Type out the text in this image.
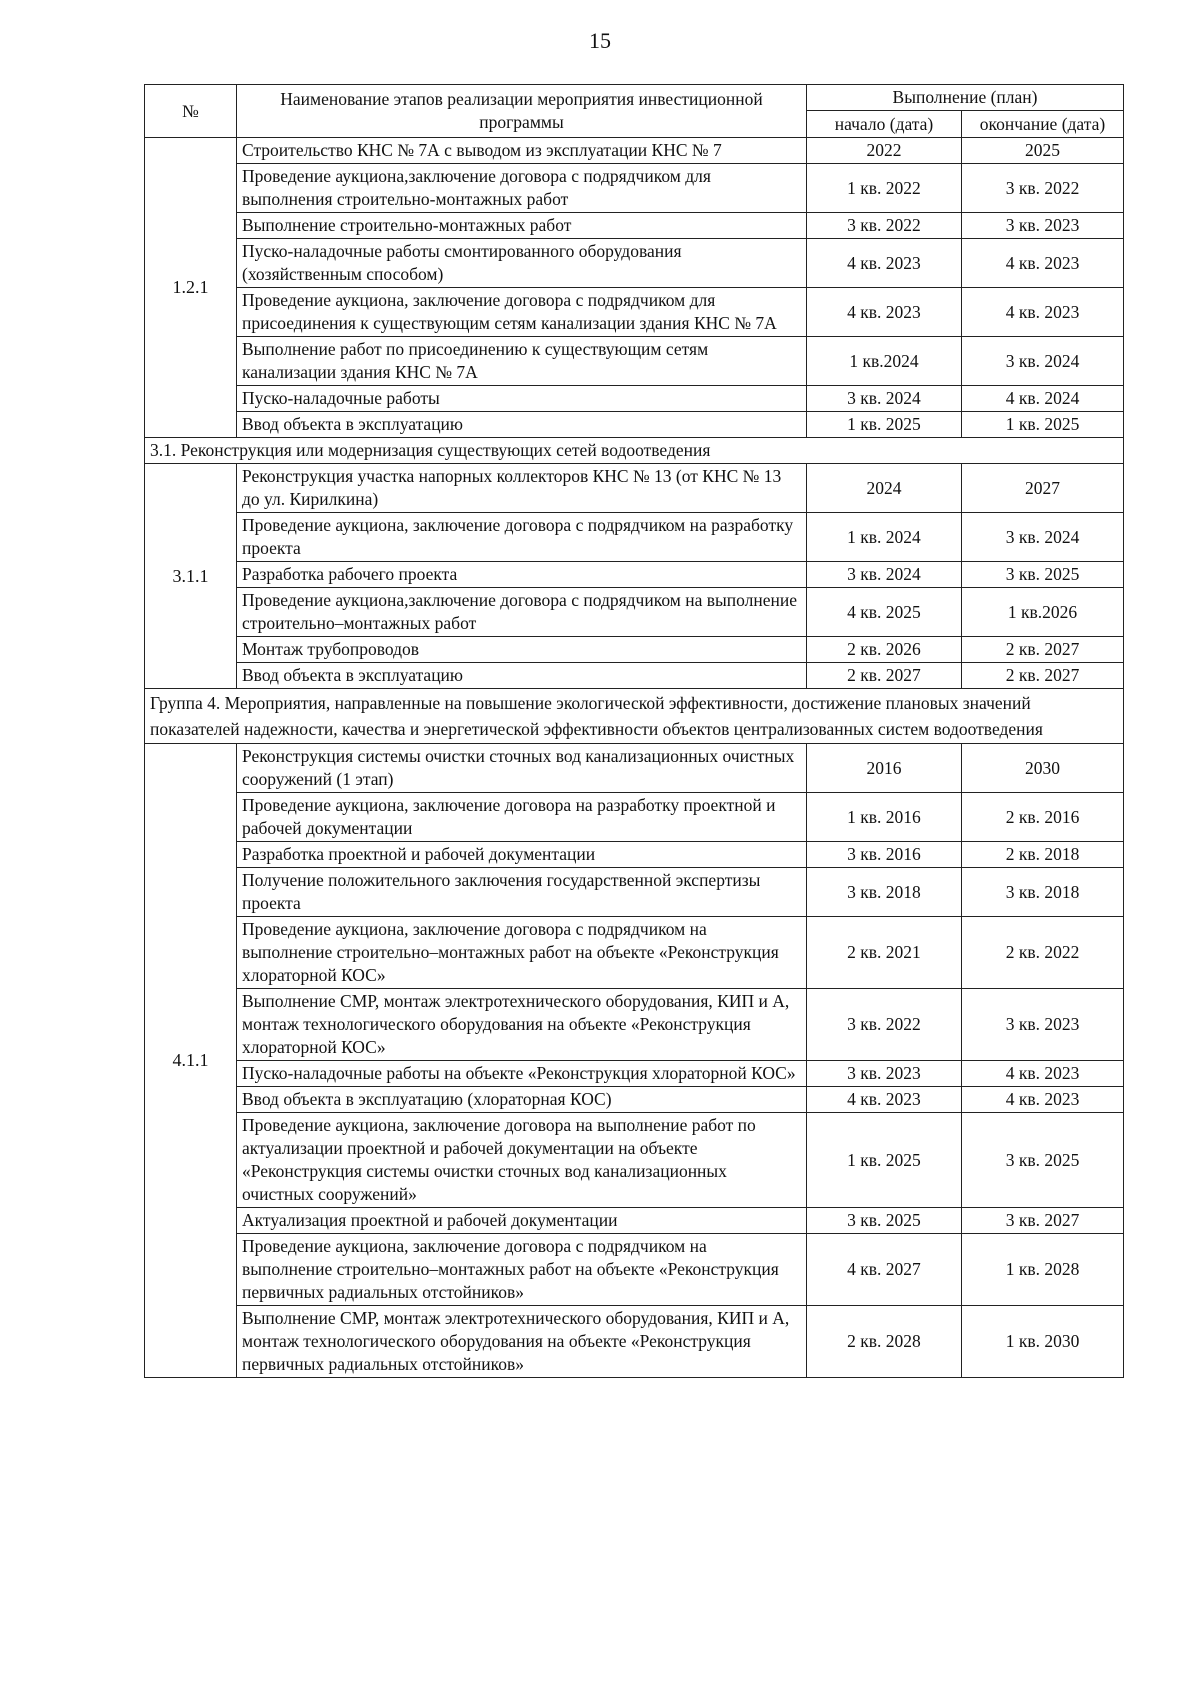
15
№	Наименование этапов реализации мероприятия инвестиционной программы	Выполнение (план)	
		начало (дата)	окончание (дата)
1.2.1	Строительство КНС № 7А с выводом из эксплуатации КНС № 7	2022	2025
	Проведение аукциона,заключение договора с подрядчиком для выполнения строительно-монтажных работ	1 кв. 2022	3 кв. 2022
	Выполнение строительно-монтажных работ	3 кв. 2022	3 кв. 2023
	Пуско-наладочные работы смонтированного оборудования (хозяйственным способом)	4 кв. 2023	4 кв. 2023
	Проведение аукциона, заключение договора с подрядчиком для присоединения к существующим сетям канализации здания КНС № 7А	4 кв. 2023	4 кв. 2023
	Выполнение работ по присоединению к существующим сетям канализации здания КНС № 7А	1 кв.2024	3 кв. 2024
	Пуско-наладочные работы	3 кв. 2024	4 кв. 2024
	Ввод объекта в эксплуатацию	1 кв. 2025	1 кв. 2025
3.1. Реконструкция или модернизация существующих сетей водоотведения			
3.1.1	Реконструкция участка напорных коллекторов КНС № 13 (от КНС № 13 до ул. Кирилкина)	2024	2027
	Проведение аукциона, заключение договора с подрядчиком на разработку проекта	1 кв. 2024	3 кв. 2024
	Разработка рабочего проекта	3 кв. 2024	3 кв. 2025
	Проведение аукциона,заключение договора с подрядчиком на выполнение строительно–монтажных работ	4 кв. 2025	1 кв.2026
	Монтаж трубопроводов	2 кв. 2026	2 кв. 2027
	Ввод объекта в эксплуатацию	2 кв. 2027	2 кв. 2027
Группа 4. Мероприятия, направленные на повышение экологической эффективности, достижение плановых значений показателей надежности, качества и энергетической эффективности объектов централизованных систем водоотведения			
4.1.1	Реконструкция системы очистки сточных вод канализационных очистных сооружений (1 этап)	2016	2030
	Проведение аукциона, заключение договора на разработку проектной и рабочей документации	1 кв. 2016	2 кв. 2016
	Разработка проектной и рабочей документации	3 кв. 2016	2 кв. 2018
	Получение положительного заключения государственной экспертизы проекта	3 кв. 2018	3 кв. 2018
	Проведение аукциона, заключение договора с подрядчиком на выполнение строительно–монтажных работ на объекте «Реконструкция хлораторной КОС»	2 кв. 2021	2 кв. 2022
	Выполнение СМР, монтаж электротехнического оборудования, КИП и А, монтаж технологического оборудования на объекте «Реконструкция хлораторной КОС»	3 кв. 2022	3 кв. 2023
	Пуско-наладочные работы на объекте «Реконструкция хлораторной КОС»	3 кв. 2023	4 кв. 2023
	Ввод объекта в эксплуатацию (хлораторная КОС)	4 кв. 2023	4 кв. 2023
	Проведение аукциона, заключение договора на выполнение работ по актуализации проектной и рабочей документации на объекте «Реконструкция системы очистки сточных вод канализационных очистных сооружений»	1 кв. 2025	3 кв. 2025
	Актуализация проектной и рабочей документации	3 кв. 2025	3 кв. 2027
	Проведение аукциона, заключение договора с подрядчиком на выполнение строительно–монтажных работ на объекте «Реконструкция первичных радиальных отстойников»	4 кв. 2027	1 кв. 2028
	Выполнение СМР, монтаж электротехнического оборудования, КИП и А, монтаж технологического оборудования на объекте «Реконструкция первичных радиальных отстойников»	2 кв. 2028	1 кв. 2030
